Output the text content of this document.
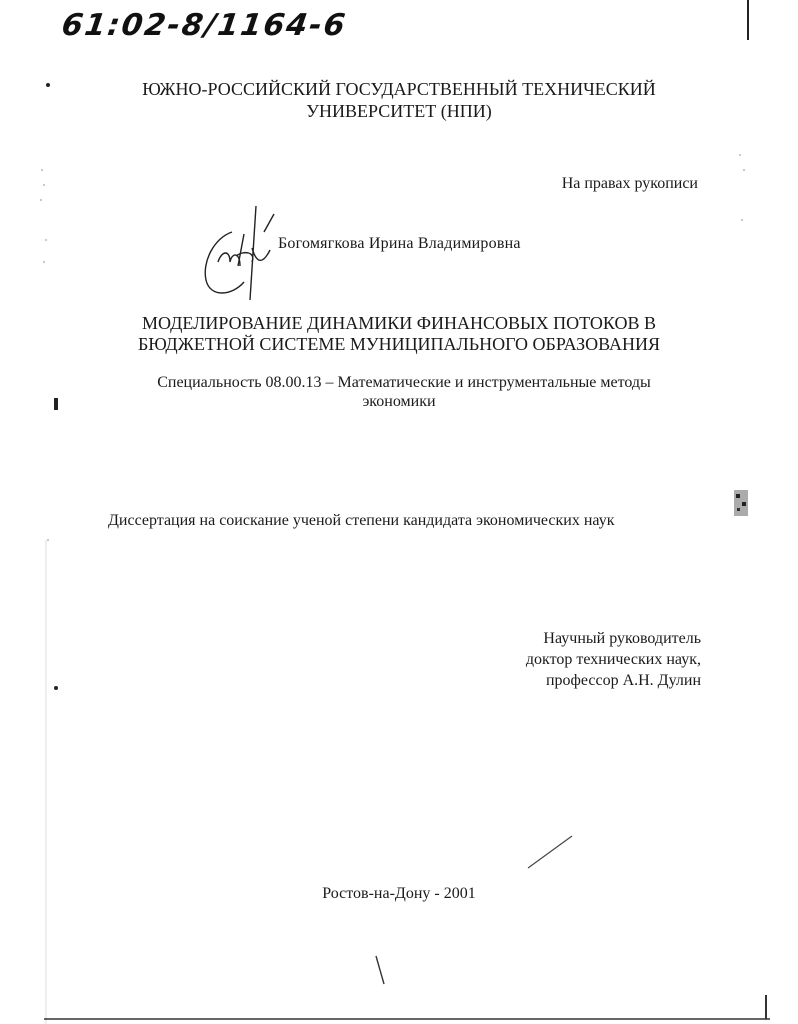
61:02-8/1164-6
ЮЖНО-РОССИЙСКИЙ ГОСУДАРСТВЕННЫЙ ТЕХНИЧЕСКИЙ
УНИВЕРСИТЕТ (НПИ)
На правах рукописи
Богомягкова Ирина Владимировна
МОДЕЛИРОВАНИЕ ДИНАМИКИ ФИНАНСОВЫХ ПОТОКОВ В
БЮДЖЕТНОЙ СИСТЕМЕ МУНИЦИПАЛЬНОГО ОБРАЗОВАНИЯ
Специальность 08.00.13 – Математические и инструментальные методы
экономики
Диссертация на соискание ученой степени кандидата экономических наук
Научный руководитель
доктор технических наук,
профессор А.Н. Дулин
Ростов-на-Дону - 2001
